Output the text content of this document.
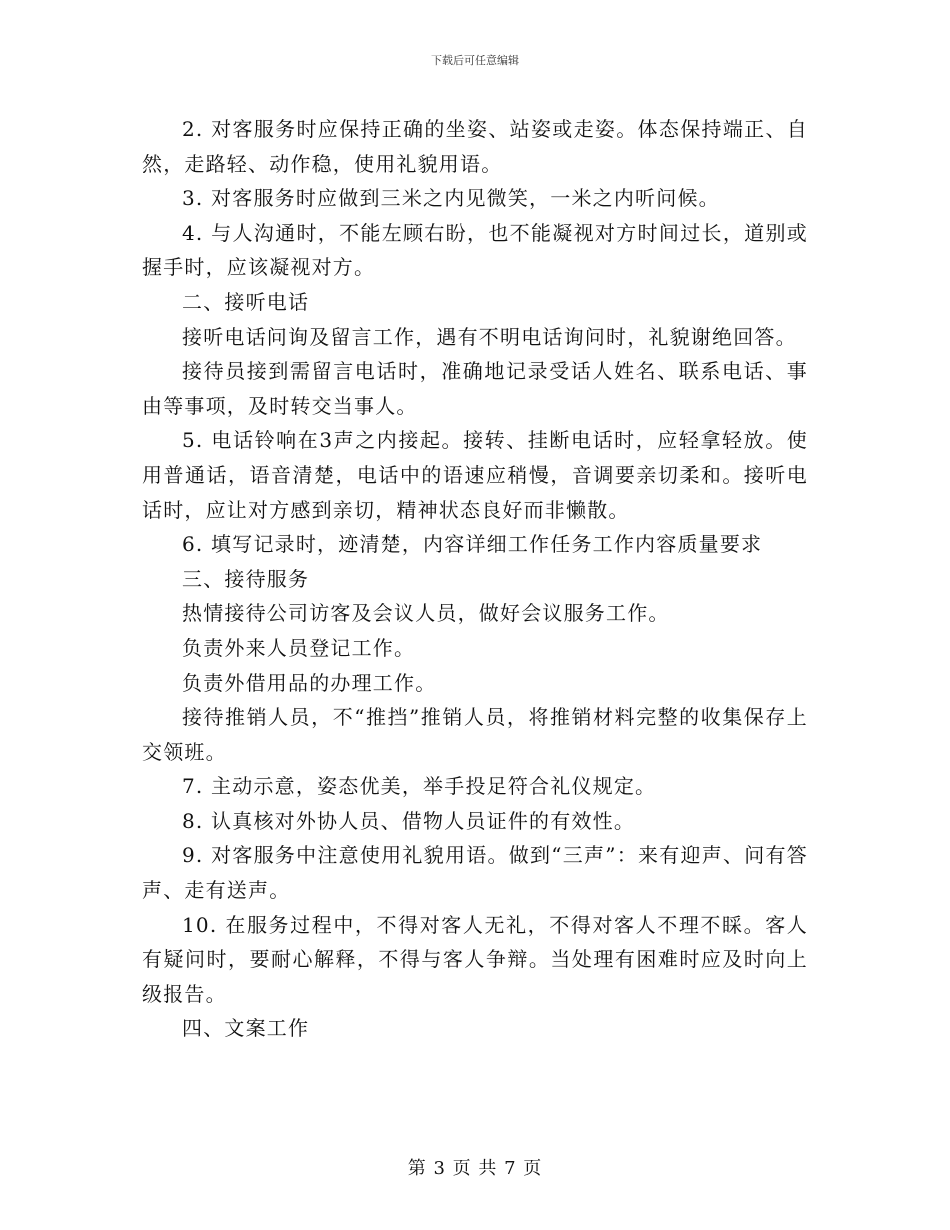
下载后可任意编辑

2. 对客服务时应保持正确的坐姿、站姿或走姿。体态保持端正、自然，走路轻、动作稳，使用礼貌用语。

3. 对客服务时应做到三米之内见微笑，一米之内听问候。

4. 与人沟通时，不能左顾右盼，也不能凝视对方时间过长，道别或握手时，应该凝视对方。

二、接听电话

接听电话问询及留言工作，遇有不明电话询问时，礼貌谢绝回答。

接待员接到需留言电话时，准确地记录受话人姓名、联系电话、事由等事项，及时转交当事人。

5. 电话铃响在3声之内接起。接转、挂断电话时，应轻拿轻放。使用普通话，语音清楚，电话中的语速应稍慢，音调要亲切柔和。接听电话时，应让对方感到亲切，精神状态良好而非懒散。

6. 填写记录时，迹清楚，内容详细工作任务工作内容质量要求

三、接待服务

热情接待公司访客及会议人员，做好会议服务工作。

负责外来人员登记工作。

负责外借用品的办理工作。

接待推销人员，不“推挡”推销人员，将推销材料完整的收集保存上交领班。

7. 主动示意，姿态优美，举手投足符合礼仪规定。

8. 认真核对外协人员、借物人员证件的有效性。

9. 对客服务中注意使用礼貌用语。做到“三声”：来有迎声、问有答声、走有送声。

10. 在服务过程中，不得对客人无礼，不得对客人不理不睬。客人有疑问时，要耐心解释，不得与客人争辩。当处理有困难时应及时向上级报告。

四、文案工作

第 3 页 共 7 页
